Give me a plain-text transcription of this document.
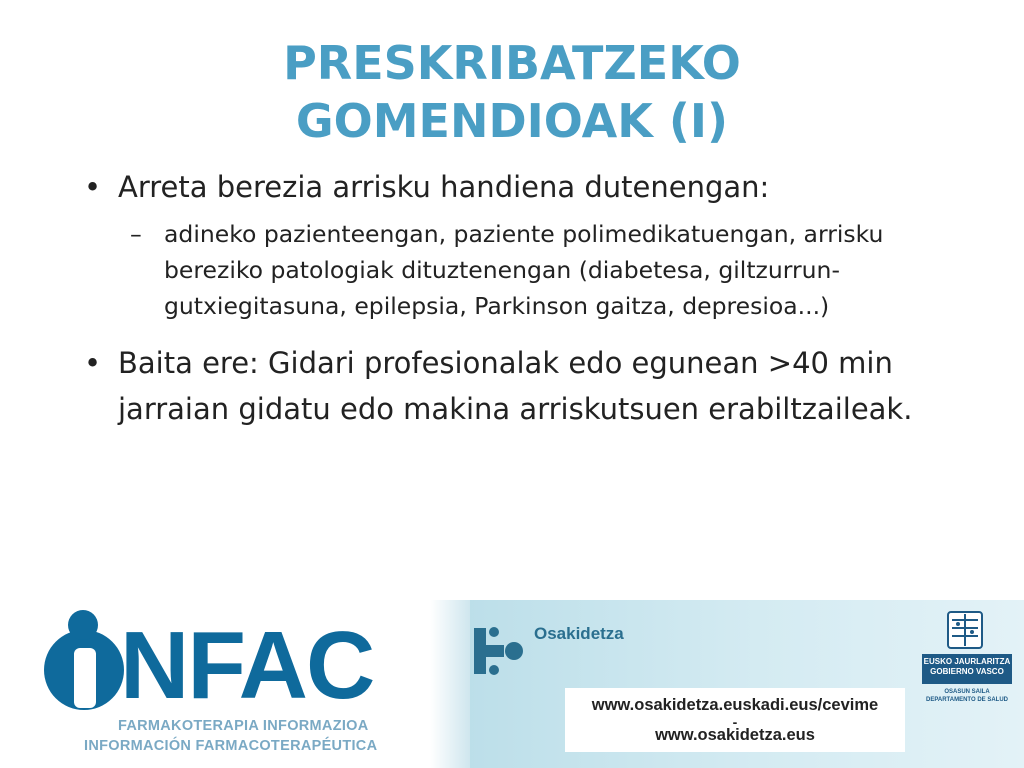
PRESKRIBATZEKO
GOMENDIOAK (I)
• Arreta berezia arrisku handiena dutenengan:
– adineko pazienteengan, paziente polimedikatuengan, arrisku bereziko patologiak dituztenengan (diabetesa, giltzurrun-gutxiegitasuna, epilepsia, Parkinson gaitza, depresioa...)
• Baita ere: Gidari profesionalak edo egunean >40 min jarraian gidatu edo makina arriskutsuen erabiltzaileak.
NFAC
FARMAKOTERAPIA INFORMAZIOA
INFORMACIÓN FARMACOTERAPÉUTICA
Osakidetza
www.osakidetza.euskadi.eus/cevime
-
www.osakidetza.eus
EUSKO JAURLARITZA
GOBIERNO VASCO
OSASUN SAILA
DEPARTAMENTO DE SALUD
